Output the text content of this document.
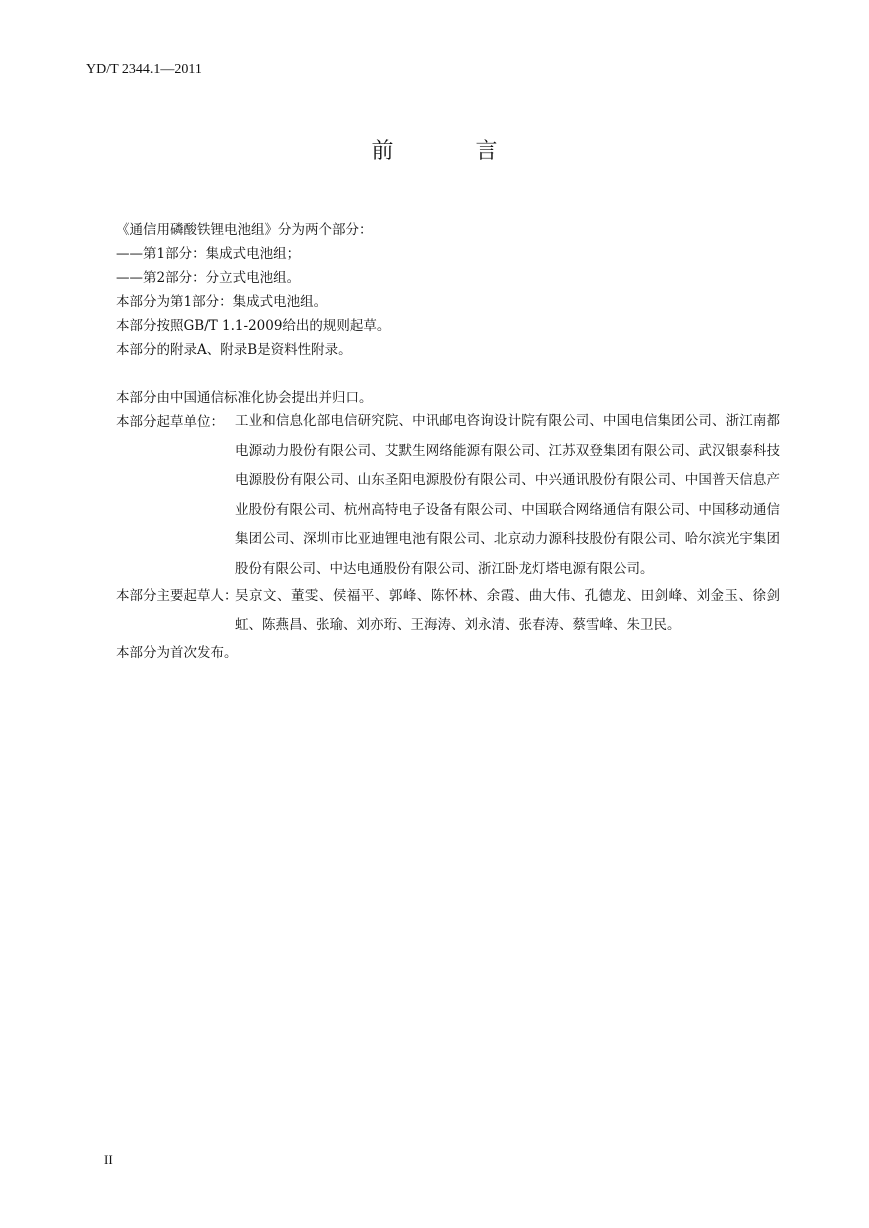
YD/T 2344.1—2011
前　言

《通信用磷酸铁锂电池组》分为两个部分：

——第1部分：集成式电池组；

——第2部分：分立式电池组。

本部分为第1部分：集成式电池组。

本部分按照GB/T 1.1-2009给出的规则起草。

本部分的附录A、附录B是资料性附录。

本部分由中国通信标准化协会提出并归口。

本部分起草单位： 工业和信息化部电信研究院、中讯邮电咨询设计院有限公司、中国电信集团公司、浙江南都电源动力股份有限公司、艾默生网络能源有限公司、江苏双登集团有限公司、武汉银泰科技电源股份有限公司、山东圣阳电源股份有限公司、中兴通讯股份有限公司、中国普天信息产业股份有限公司、杭州高特电子设备有限公司、中国联合网络通信有限公司、中国移动通信集团公司、深圳市比亚迪锂电池有限公司、北京动力源科技股份有限公司、哈尔滨光宇集团股份有限公司、中达电通股份有限公司、浙江卧龙灯塔电源有限公司。
本部分主要起草人：
吴京文、董雯、侯福平、郭峰、陈怀林、余霞、曲大伟、孔德龙、田剑峰、刘金玉、徐剑虹、陈燕昌、张瑜、刘亦珩、王海涛、刘永清、张春涛、蔡雪峰、朱卫民。

本部分为首次发布。

II
